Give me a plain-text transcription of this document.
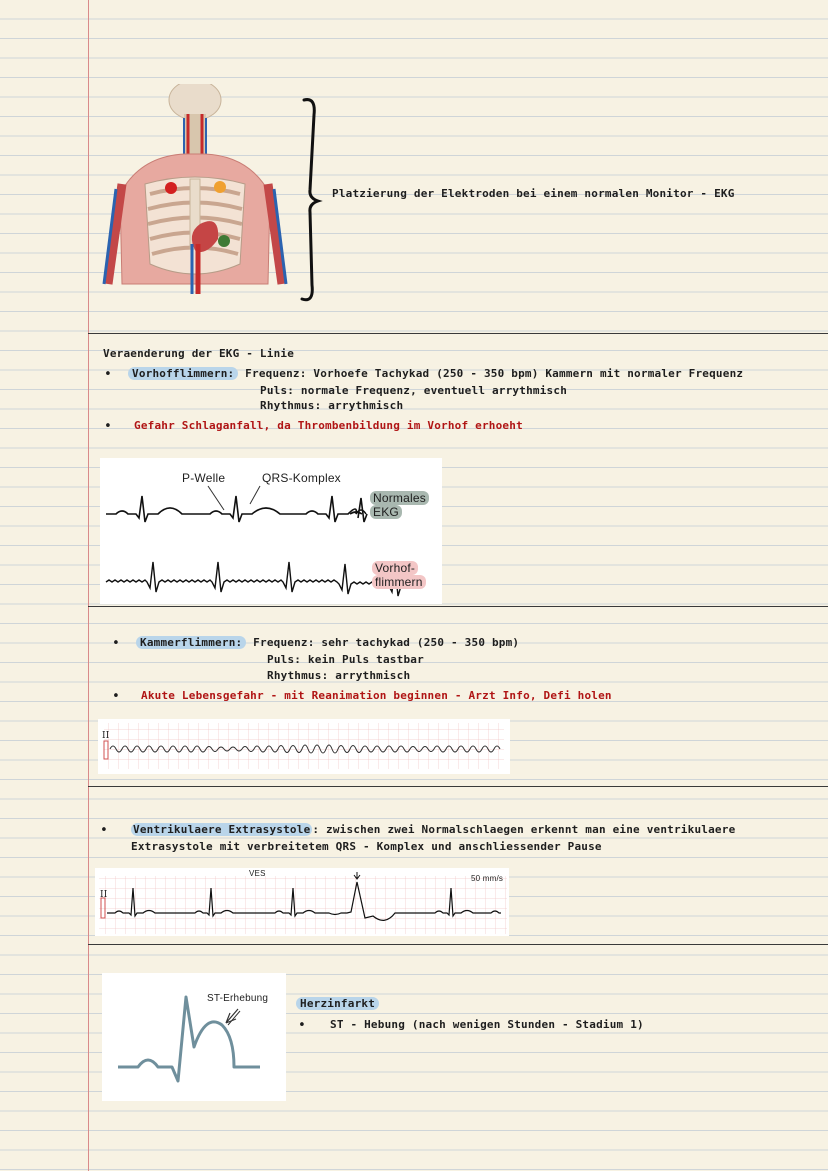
Platzierung der Elektroden bei einem normalen Monitor - EKG
Veraenderung der EKG - Linie
•	Vorhofflimmern: Frequenz: Vorhoefe Tachykad (250 - 350 bpm) Kammern mit normaler Frequenz
Puls: normale Frequenz, eventuell arrythmisch
Rhythmus: arrythmisch
• Gefahr Schlaganfall, da Thrombenbildung im Vorhof erhoeht
P-Welle	QRS-Komplex
Normales
EKG
Vorhof-
flimmern
•	Kammerflimmern: Frequenz: sehr tachykad (250 - 350 bpm)
Puls: kein Puls tastbar
Rhythmus: arrythmisch
• Akute Lebensgefahr - mit Reanimation beginnen - Arzt Info, Defi holen
II
• Ventrikulaere Extrasystole : zwischen zwei Normalschlaegen erkennt man eine ventrikulaere
Extrasystole mit verbreitetem QRS - Komplex und anschliessender Pause
VES
50 mm/s
II
ST-Erhebung	Herzinfarkt
• ST - Hebung (nach wenigen Stunden - Stadium 1)
